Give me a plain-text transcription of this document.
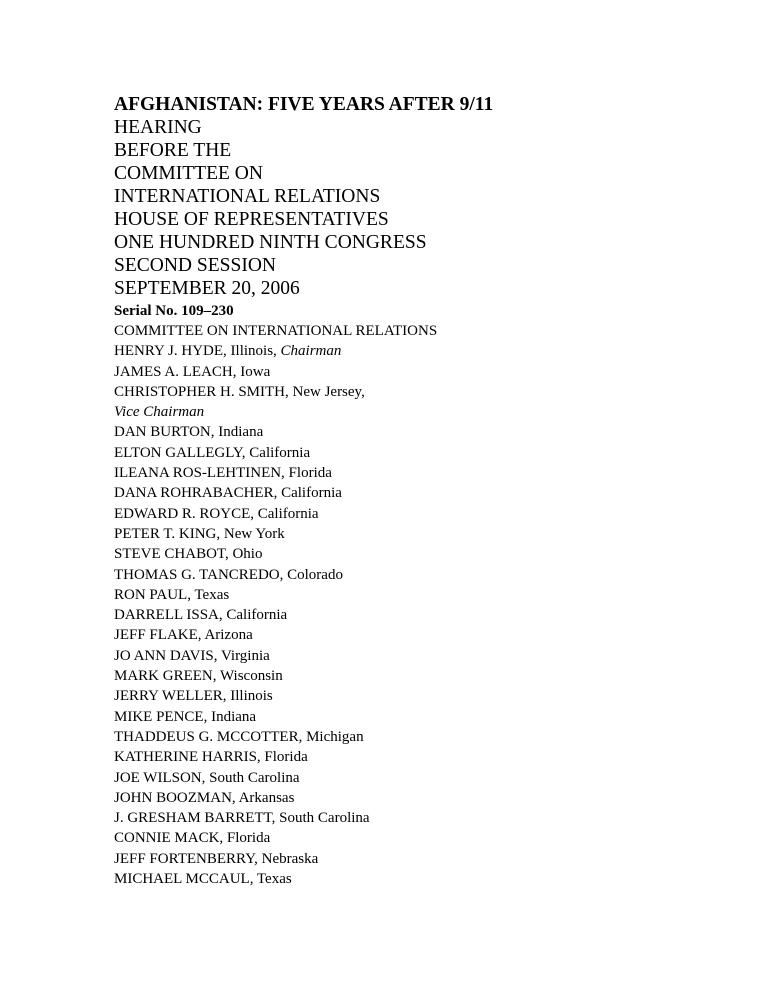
AFGHANISTAN: FIVE YEARS AFTER 9/11

HEARING

BEFORE THE

COMMITTEE ON

INTERNATIONAL RELATIONS

HOUSE OF REPRESENTATIVES

ONE HUNDRED NINTH CONGRESS

SECOND SESSION

SEPTEMBER 20, 2006

Serial No. 109–230

COMMITTEE ON INTERNATIONAL RELATIONS

HENRY J. HYDE, Illinois, Chairman

JAMES A. LEACH, Iowa

CHRISTOPHER H. SMITH, New Jersey,

Vice Chairman

DAN BURTON, Indiana

ELTON GALLEGLY, California

ILEANA ROS-LEHTINEN, Florida

DANA ROHRABACHER, California

EDWARD R. ROYCE, California

PETER T. KING, New York

STEVE CHABOT, Ohio

THOMAS G. TANCREDO, Colorado

RON PAUL, Texas

DARRELL ISSA, California

JEFF FLAKE, Arizona

JO ANN DAVIS, Virginia

MARK GREEN, Wisconsin

JERRY WELLER, Illinois

MIKE PENCE, Indiana

THADDEUS G. MCCOTTER, Michigan

KATHERINE HARRIS, Florida

JOE WILSON, South Carolina

JOHN BOOZMAN, Arkansas

J. GRESHAM BARRETT, South Carolina

CONNIE MACK, Florida

JEFF FORTENBERRY, Nebraska

MICHAEL MCCAUL, Texas
